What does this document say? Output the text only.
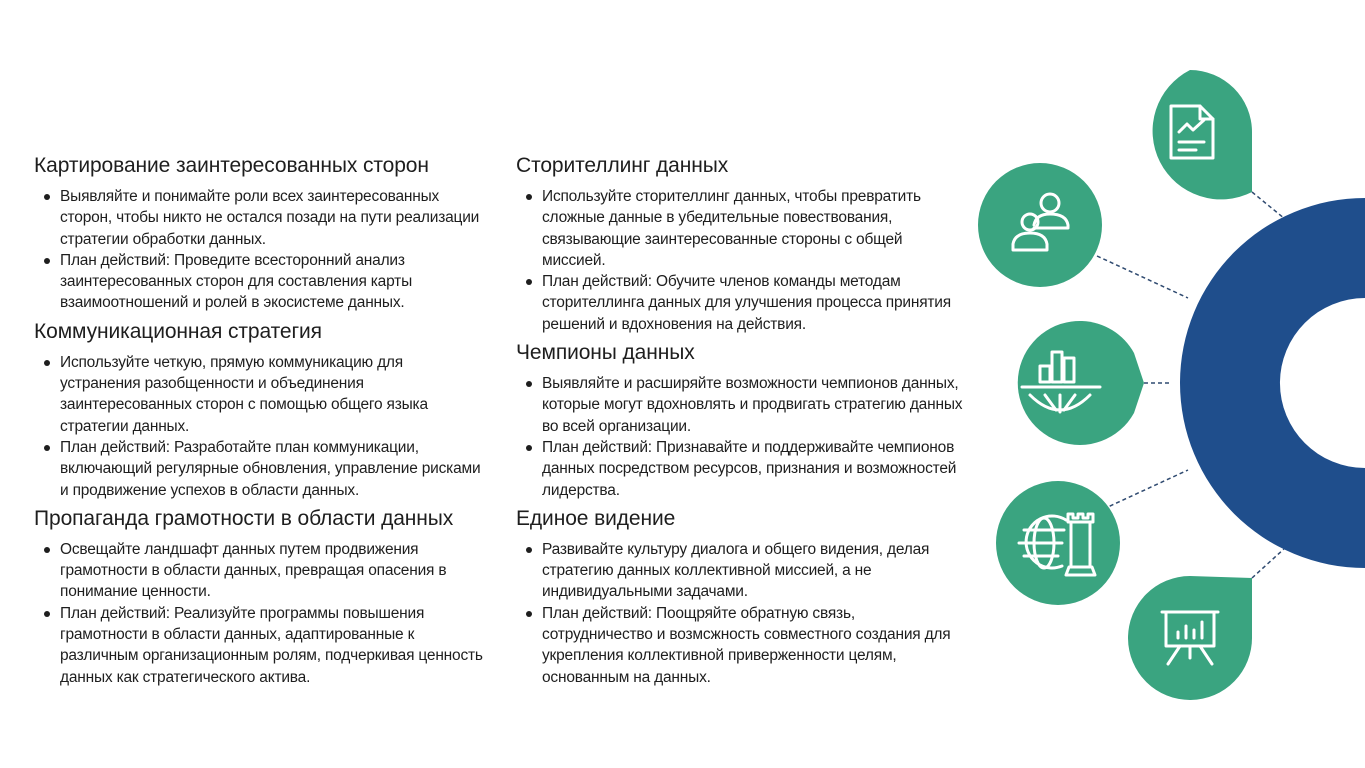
Картирование заинтересованных сторон
Выявляйте и понимайте роли всех заинтересованных сторон, чтобы никто не остался позади на пути реализации стратегии обработки данных.
План действий: Проведите всесторонний анализ заинтересованных сторон для составления карты взаимоотношений и ролей в экосистеме данных.
Коммуникационная стратегия
Используйте четкую, прямую коммуникацию для устранения разобщенности и объединения заинтересованных сторон с помощью общего языка стратегии данных.
План действий: Разработайте план коммуникации, включающий регулярные обновления, управление рисками и продвижение успехов в области данных.
Пропаганда грамотности в области данных
Освещайте ландшафт данных путем продвижения грамотности в области данных, превращая опасения в понимание ценности.
План действий: Реализуйте программы повышения грамотности в области данных, адаптированные к различным организационным ролям, подчеркивая ценность данных как стратегического актива.
Сторителлинг данных
Используйте сторителлинг данных, чтобы превратить сложные данные в убедительные повествования, связывающие заинтересованные стороны с общей миссией.
План действий: Обучите членов команды методам сторителлинга данных для улучшения процесса принятия решений и вдохновения на действия.
Чемпионы данных
Выявляйте и расширяйте возможности чемпионов данных, которые могут вдохновлять и продвигать стратегию данных во всей организации.
План действий: Признавайте и поддерживайте чемпионов данных посредством ресурсов, признания и возможностей лидерства.
Единое видение
Развивайте культуру диалога и общего видения, делая стратегию данных коллективной миссией, а не индивидуальными задачами.
План действий: Поощряйте обратную связь, сотрудничество и возмсжность совместного создания для укрепления коллективной приверженности целям, основанным на данных.
